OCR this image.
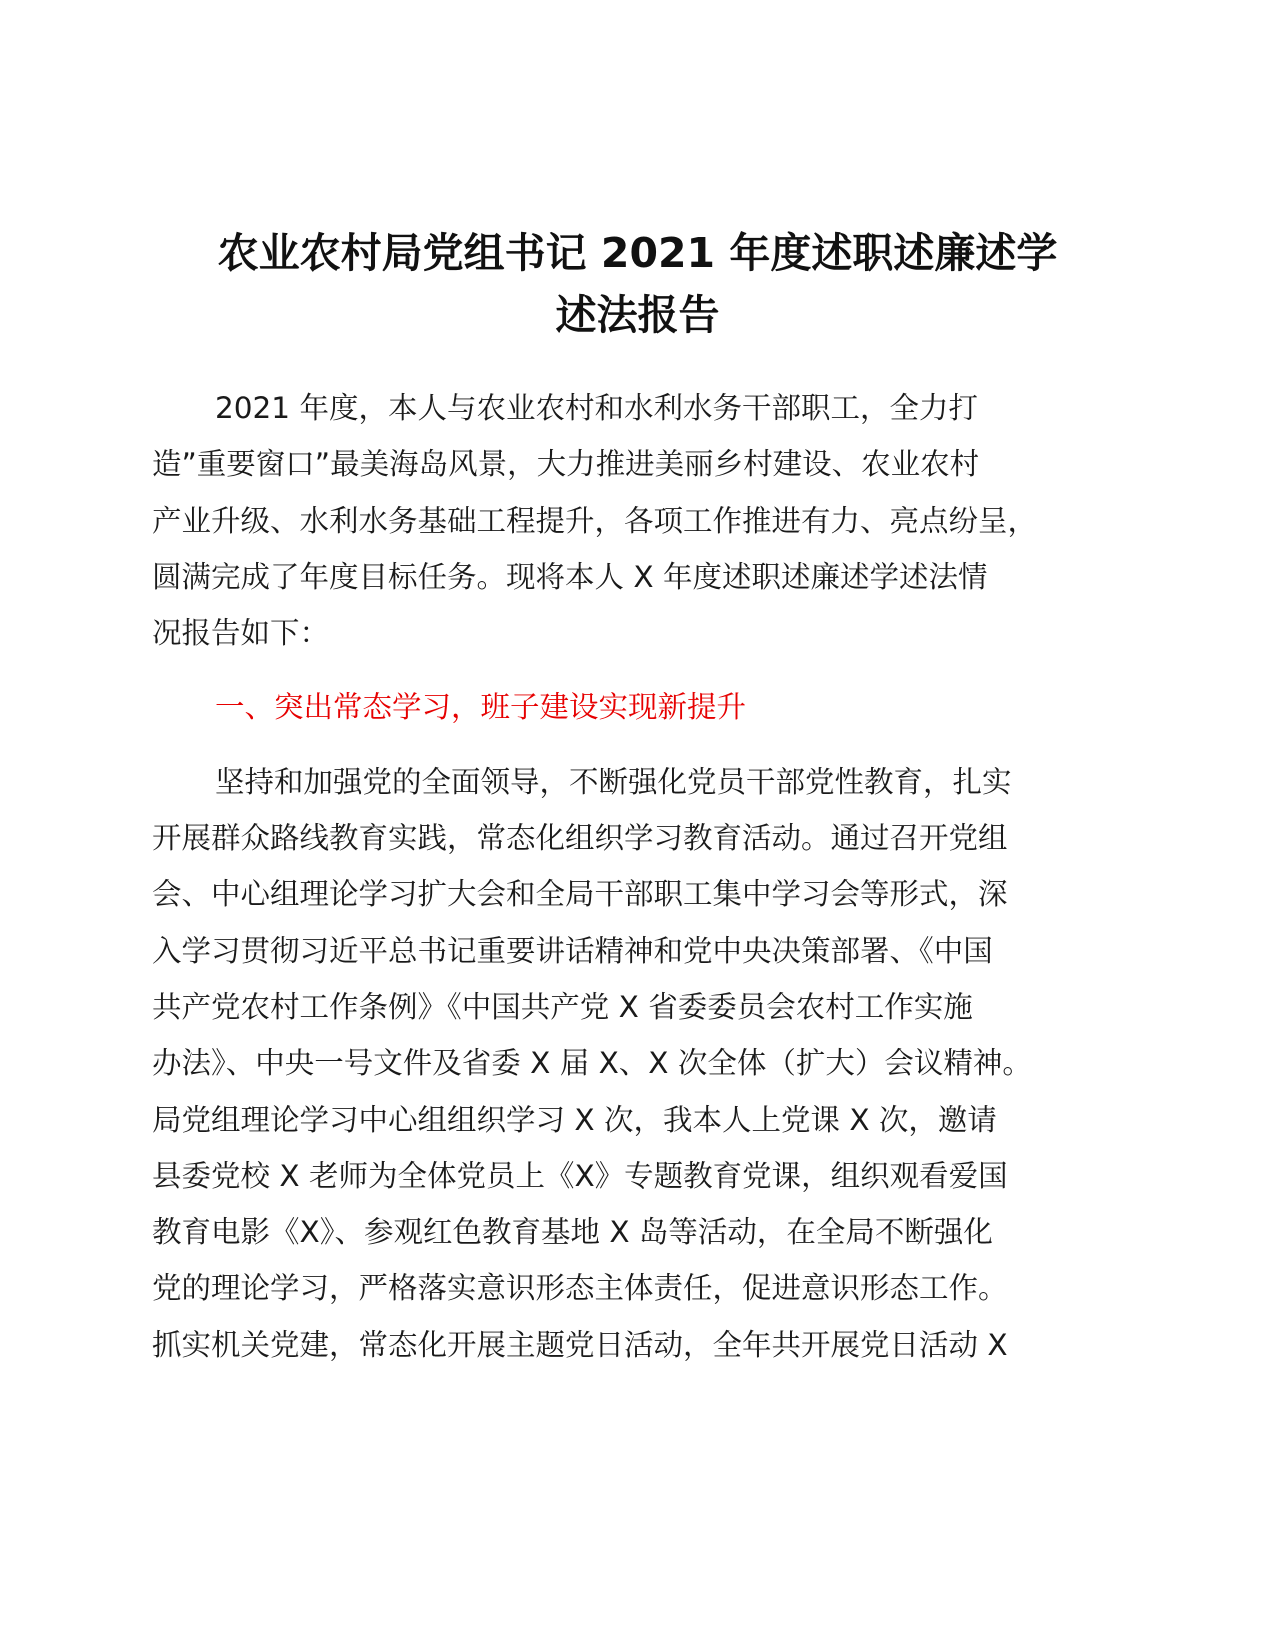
农业农村局党组书记 2021 年度述职述廉述学
述法报告
2021 年度，本人与农业农村和水利水务干部职工，全力打
造”重要窗口”最美海岛风景，大力推进美丽乡村建设、农业农村
产业升级、水利水务基础工程提升，各项工作推进有力、亮点纷呈，
圆满完成了年度目标任务。现将本人 X 年度述职述廉述学述法情
况报告如下：
一、突出常态学习，班子建设实现新提升
坚持和加强党的全面领导，不断强化党员干部党性教育，扎实
开展群众路线教育实践，常态化组织学习教育活动。通过召开党组
会、中心组理论学习扩大会和全局干部职工集中学习会等形式，深
入学习贯彻习近平总书记重要讲话精神和党中央决策部署、《中国
共产党农村工作条例》《中国共产党 X 省委委员会农村工作实施
办法》、中央一号文件及省委 X 届 X、X 次全体（扩大）会议精神。
局党组理论学习中心组组织学习 X 次，我本人上党课 X 次，邀请
县委党校 X 老师为全体党员上《X》专题教育党课，组织观看爱国
教育电影《X》、参观红色教育基地 X 岛等活动，在全局不断强化
党的理论学习，严格落实意识形态主体责任，促进意识形态工作。
抓实机关党建，常态化开展主题党日活动，全年共开展党日活动 X
